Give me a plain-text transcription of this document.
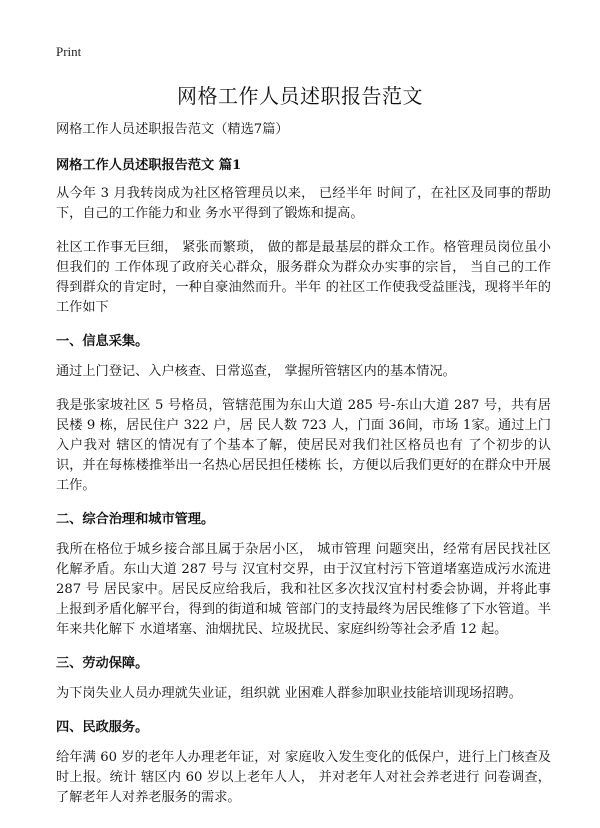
Print
网格工作人员述职报告范文

网格工作人员述职报告范文（精选7篇）

网格工作人员述职报告范文 篇1

从今年 3 月我转岗成为社区格管理员以来， 已经半年 时间了，在社区及同事的帮助下，自己的工作能力和业 务水平得到了锻炼和提高。

社区工作事无巨细， 紧张而繁琐， 做的都是最基层的群众工作。格管理员岗位虽小但我们的 工作体现了政府关心群众，服务群众为群众办实事的宗旨， 当自己的工作得到群众的肯定时，一种自豪油然而升。半年 的社区工作使我受益匪浅，现将半年的工作如下

一、信息采集。

通过上门登记、入户核查、日常巡查， 掌握所管辖区内的基本情况。

我是张家坡社区 5 号格员，管辖范围为东山大道 285 号-东山大道 287 号，共有居民楼 9 栋，居民住户 322 户，居 民人数 723 人，门面 36间，市场 1家。通过上门入户我对 辖区的情况有了个基本了解，使居民对我们社区格员也有 了个初步的认识，并在每栋楼推举出一名热心居民担任楼栋 长，方便以后我们更好的在群众中开展工作。

二、综合治理和城市管理。

我所在格位于城乡接合部且属于杂居小区， 城市管理 问题突出，经常有居民找社区化解矛盾。东山大道 287 号与 汉宜村交界，由于汉宜村污下管道堵塞造成污水流进 287 号 居民家中。居民反应给我后，我和社区多次找汉宜村村委会协调，并将此事上报到矛盾化解平台，得到的街道和城 管部门的支持最终为居民维修了下水管道。半年来共化解下 水道堵塞、油烟扰民、垃圾扰民、家庭纠纷等社会矛盾 12 起。

三、劳动保障。

为下岗失业人员办理就失业证，组织就 业困难人群参加职业技能培训现场招聘。

四、民政服务。

给年满 60 岁的老年人办理老年证，对 家庭收入发生变化的低保户，进行上门核查及时上报。统计 辖区内 60 岁以上老年人人， 并对老年人对社会养老进行 问卷调查，了解老年人对养老服务的需求。
